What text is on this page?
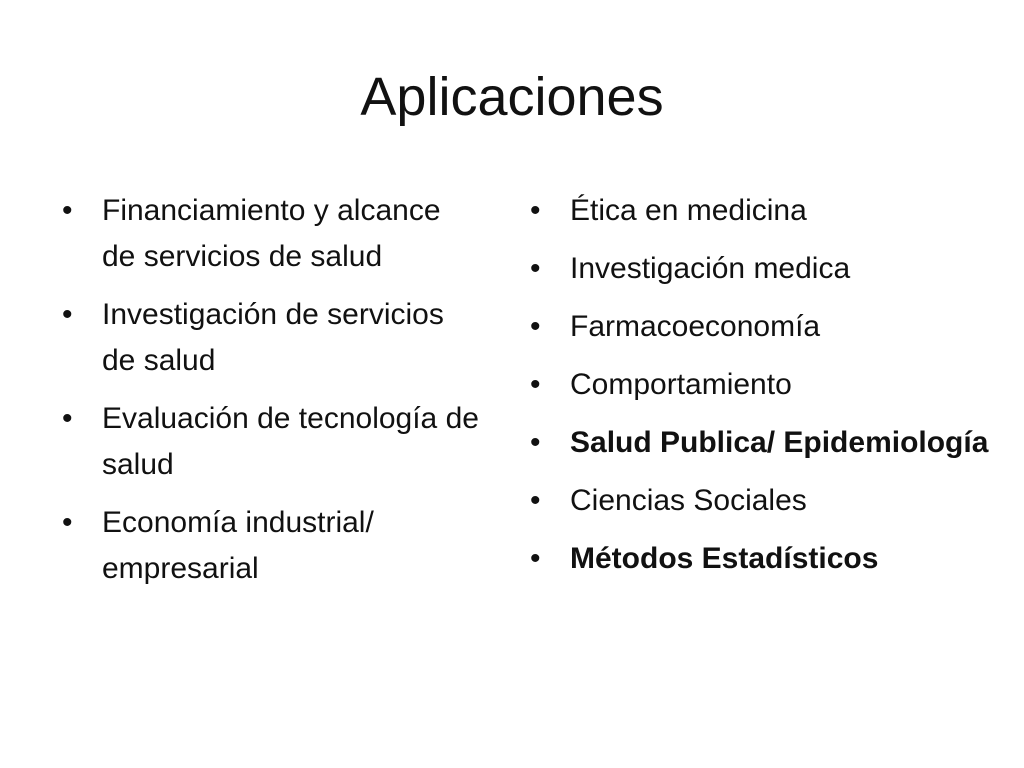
Aplicaciones
• Financiamiento y alcance de servicios de salud
• Investigación de servicios de salud
• Evaluación de tecnología de salud
• Economía industrial/ empresarial
• Ética en medicina
• Investigación medica
• Farmacoeconomía
• Comportamiento
• Salud Publica/ Epidemiología
• Ciencias Sociales
• Métodos Estadísticos
